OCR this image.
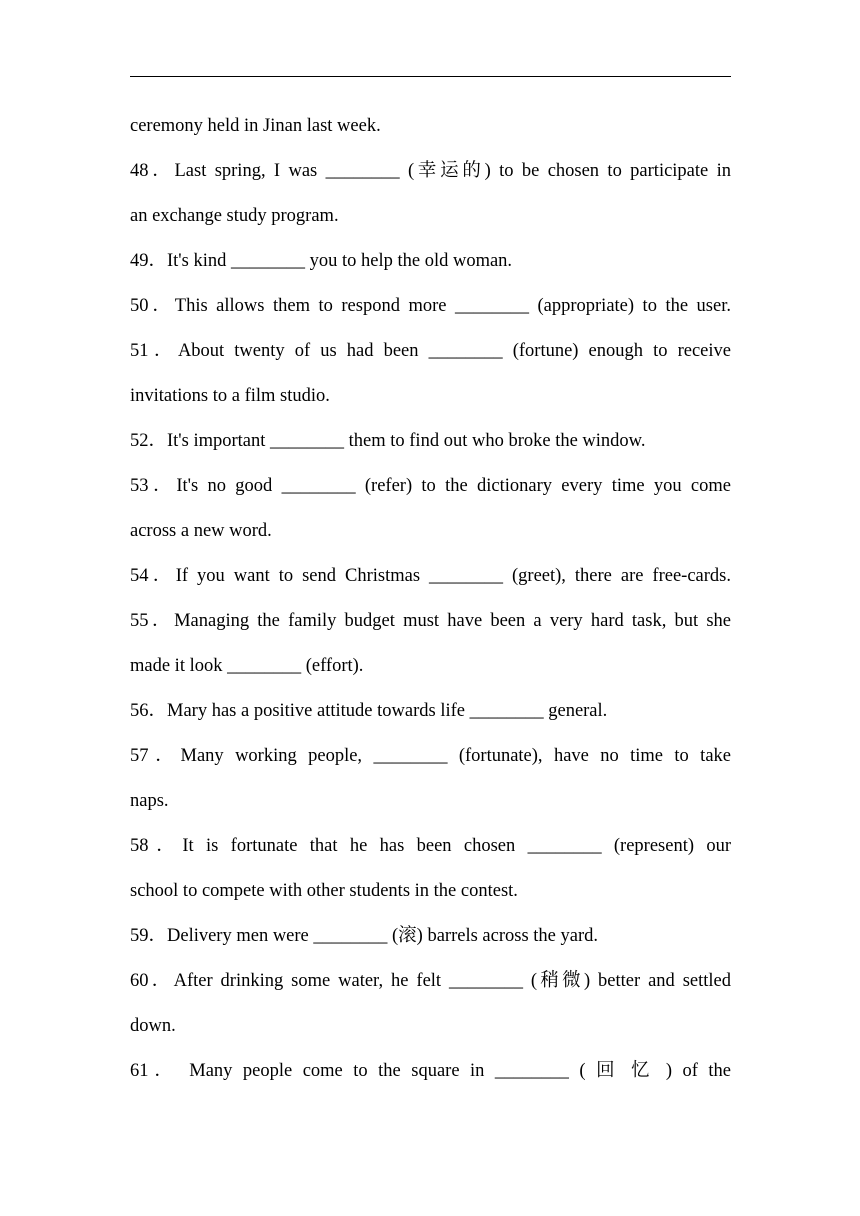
ceremony held in Jinan last week.
48．Last spring, I was ________ (幸运的) to be chosen to participate in
an exchange study program.
49．It's kind ________ you to help the old woman.
50．This allows them to respond more ________ (appropriate) to the user.
51．About twenty of us had been ________ (fortune) enough to receive
invitations to a film studio.
52．It's important ________ them to find out who broke the window.
53．It's no good ________ (refer) to the dictionary every time you come
across a new word.
54．If you want to send Christmas ________ (greet), there are free-cards.
55．Managing the family budget must have been a very hard task, but she
made it look ________ (effort).
56．Mary has a positive attitude towards life ________ general.
57．Many working people, ________ (fortunate), have no time to take
naps.
58．It is fortunate that he has been chosen ________ (represent) our
school to compete with other students in the contest.
59．Delivery men were ________ (滚) barrels across the yard.
60．After drinking some water, he felt ________ (稍微) better and settled
down.
61． Many people come to the square in ________ ( 回 忆 ) of the
